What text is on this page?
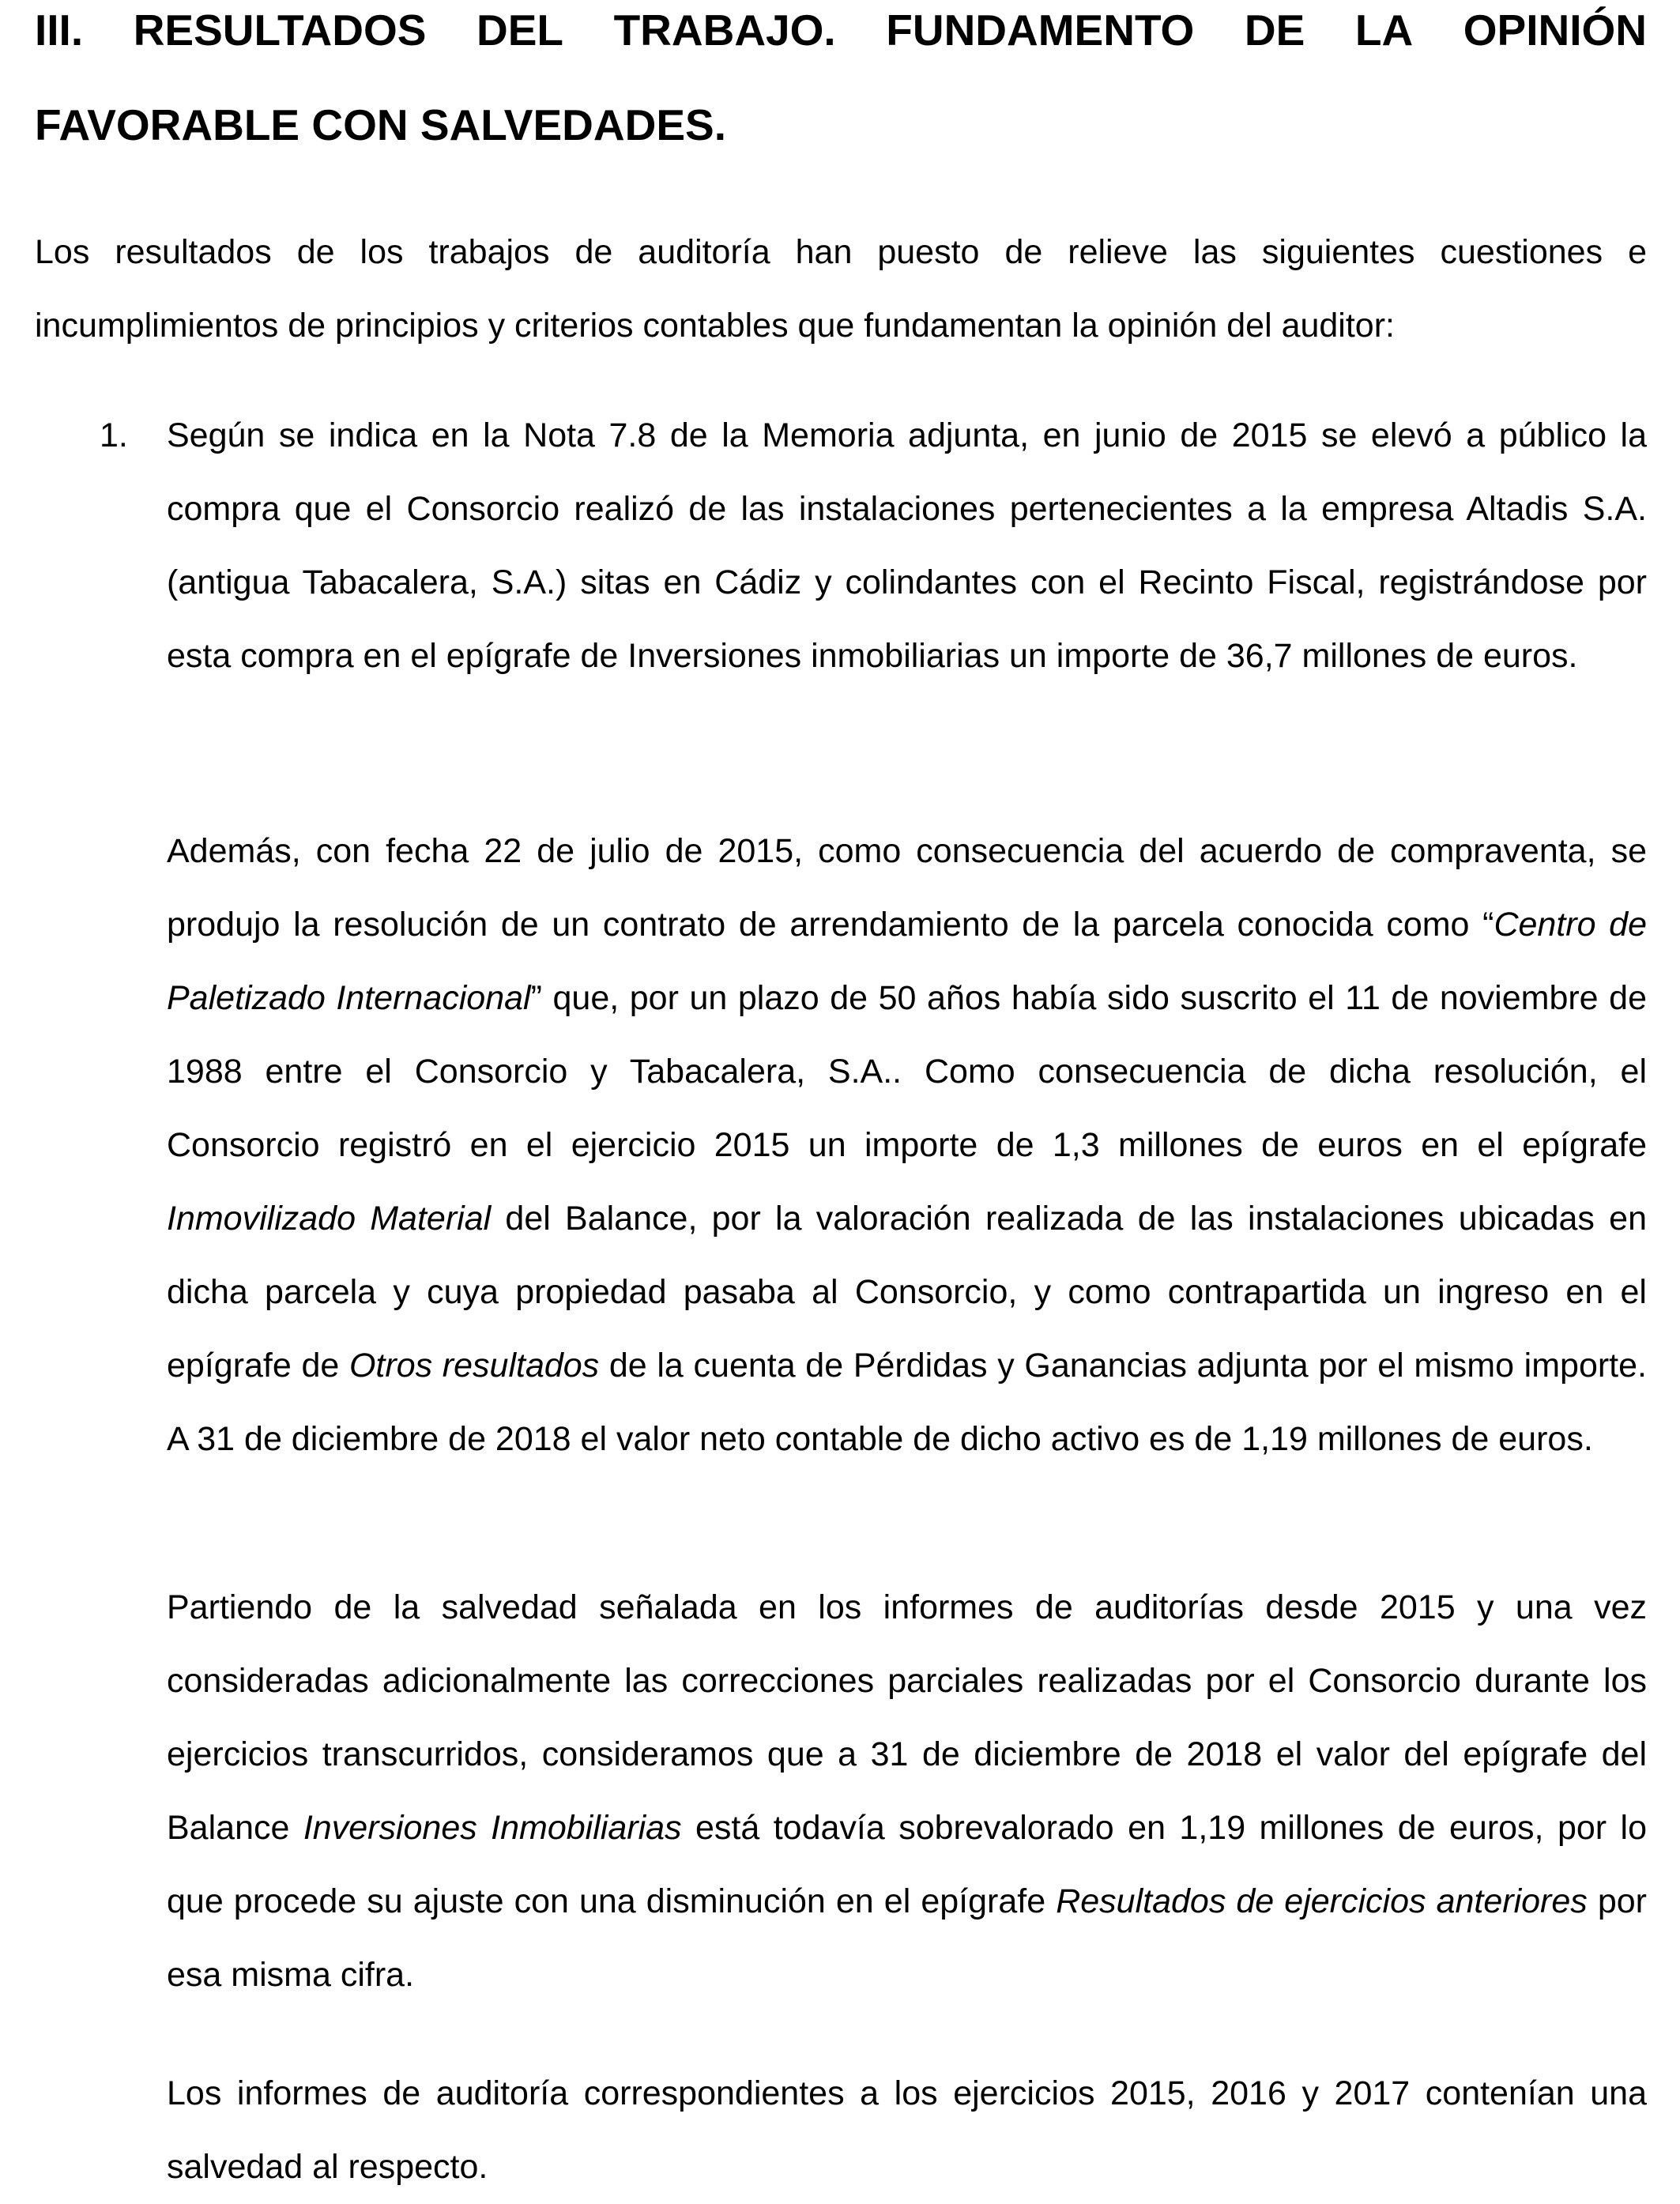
III. RESULTADOS DEL TRABAJO. FUNDAMENTO DE LA OPINIÓN
FAVORABLE CON SALVEDADES.

Los resultados de los trabajos de auditoría han puesto de relieve las siguientes cuestiones e incumplimientos de principios y criterios contables que fundamentan la opinión del auditor:

1. Según se indica en la Nota 7.8 de la Memoria adjunta, en junio de 2015 se elevó a público la compra que el Consorcio realizó de las instalaciones pertenecientes a la empresa Altadis S.A. (antigua Tabacalera, S.A.) sitas en Cádiz y colindantes con el Recinto Fiscal, registrándose por esta compra en el epígrafe de Inversiones inmobiliarias un importe de 36,7 millones de euros.

Además, con fecha 22 de julio de 2015, como consecuencia del acuerdo de compraventa, se produjo la resolución de un contrato de arrendamiento de la parcela conocida como “Centro de Paletizado Internacional” que, por un plazo de 50 años había sido suscrito el 11 de noviembre de 1988 entre el Consorcio y Tabacalera, S.A.. Como consecuencia de dicha resolución, el Consorcio registró en el ejercicio 2015 un importe de 1,3 millones de euros en el epígrafe Inmovilizado Material del Balance, por la valoración realizada de las instalaciones ubicadas en dicha parcela y cuya propiedad pasaba al Consorcio, y como contrapartida un ingreso en el epígrafe de Otros resultados de la cuenta de Pérdidas y Ganancias adjunta por el mismo importe. A 31 de diciembre de 2018 el valor neto contable de dicho activo es de 1,19 millones de euros.

Partiendo de la salvedad señalada en los informes de auditorías desde 2015 y una vez consideradas adicionalmente las correcciones parciales realizadas por el Consorcio durante los ejercicios transcurridos, consideramos que a 31 de diciembre de 2018 el valor del epígrafe del Balance Inversiones Inmobiliarias está todavía sobrevalorado en 1,19 millones de euros, por lo que procede su ajuste con una disminución en el epígrafe Resultados de ejercicios anteriores por esa misma cifra.

Los informes de auditoría correspondientes a los ejercicios 2015, 2016 y 2017 contenían una salvedad al respecto.
